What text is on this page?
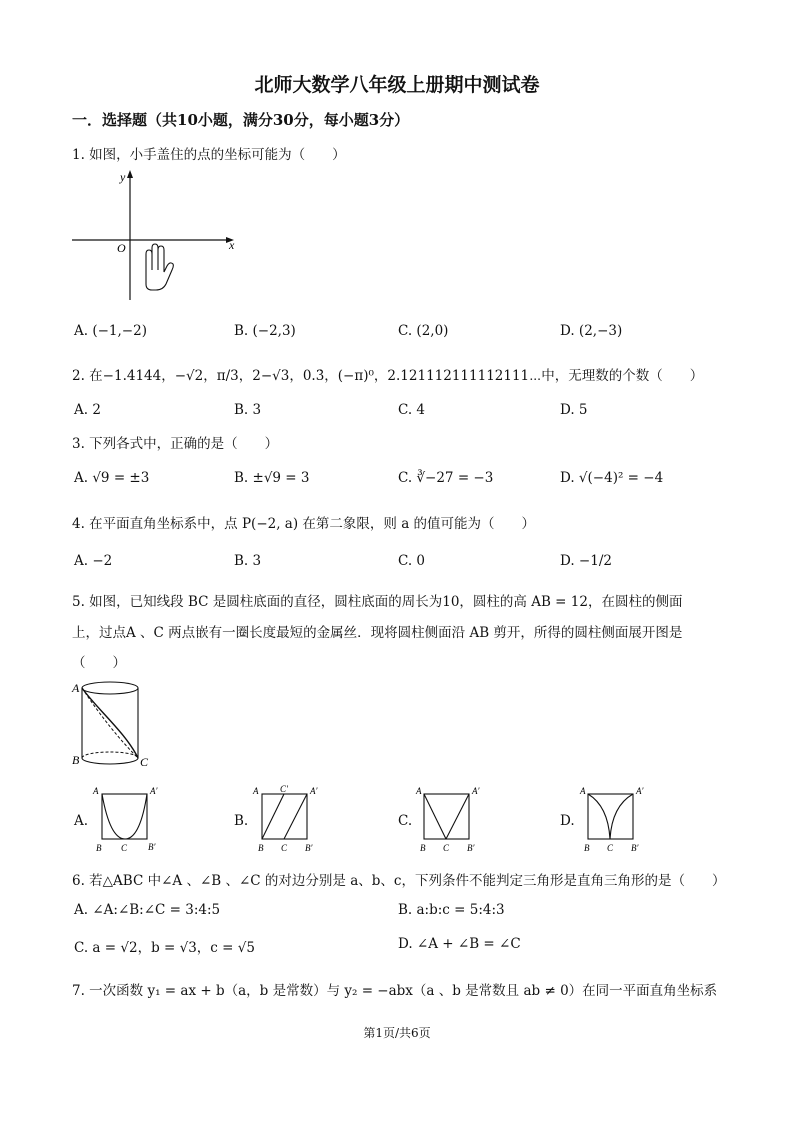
北师大数学八年级上册期中测试卷
一．选择题（共10小题，满分30分，每小题3分）
1. 如图，小手盖住的点的坐标可能为（　　）
y
x
O
A. (−1,−2)	B. (−2,3)	C. (2,0)	D. (2,−3)
2. 在−1.4144，−√2，π/3，2−√3，0.3̇，(−π)⁰，2.121112111112111⋯中，无理数的个数（　　）
A. 2	B. 3	C. 4	D. 5
3. 下列各式中，正确的是（　　）
A. √9 = ±3	B. ±√9 = 3	C. ∛−27 = −3	D. √(−4)² = −4
4. 在平面直角坐标系中，点 P(−2, a) 在第二象限，则 a 的值可能为（　　）
A. −2	B. 3	C. 0	D. −1/2
5. 如图，已知线段 BC 是圆柱底面的直径，圆柱底面的周长为10，圆柱的高 AB = 12，在圆柱的侧面
上，过点A 、C 两点嵌有一圈长度最短的金属丝．现将圆柱侧面沿 AB 剪开，所得的圆柱侧面展开图是
（　　）
A
B	C
A.
A	A′
B C B′
B.
A C′ A′
B C B′
C.
A	A′
B C B′
D.
A	A′
B C B′
6. 若△ABC 中∠A 、∠B 、∠C 的对边分别是 a、b、c，下列条件不能判定三角形是直角三角形的是（　　）
A. ∠A:∠B:∠C = 3:4:5	B. a:b:c = 5:4:3
C. a = √2，b = √3，c = √5	D. ∠A + ∠B = ∠C
7. 一次函数 y₁ = ax + b（a，b 是常数）与 y₂ = −abx（a 、b 是常数且 ab ≠ 0）在同一平面直角坐标系
第1页/共6页
